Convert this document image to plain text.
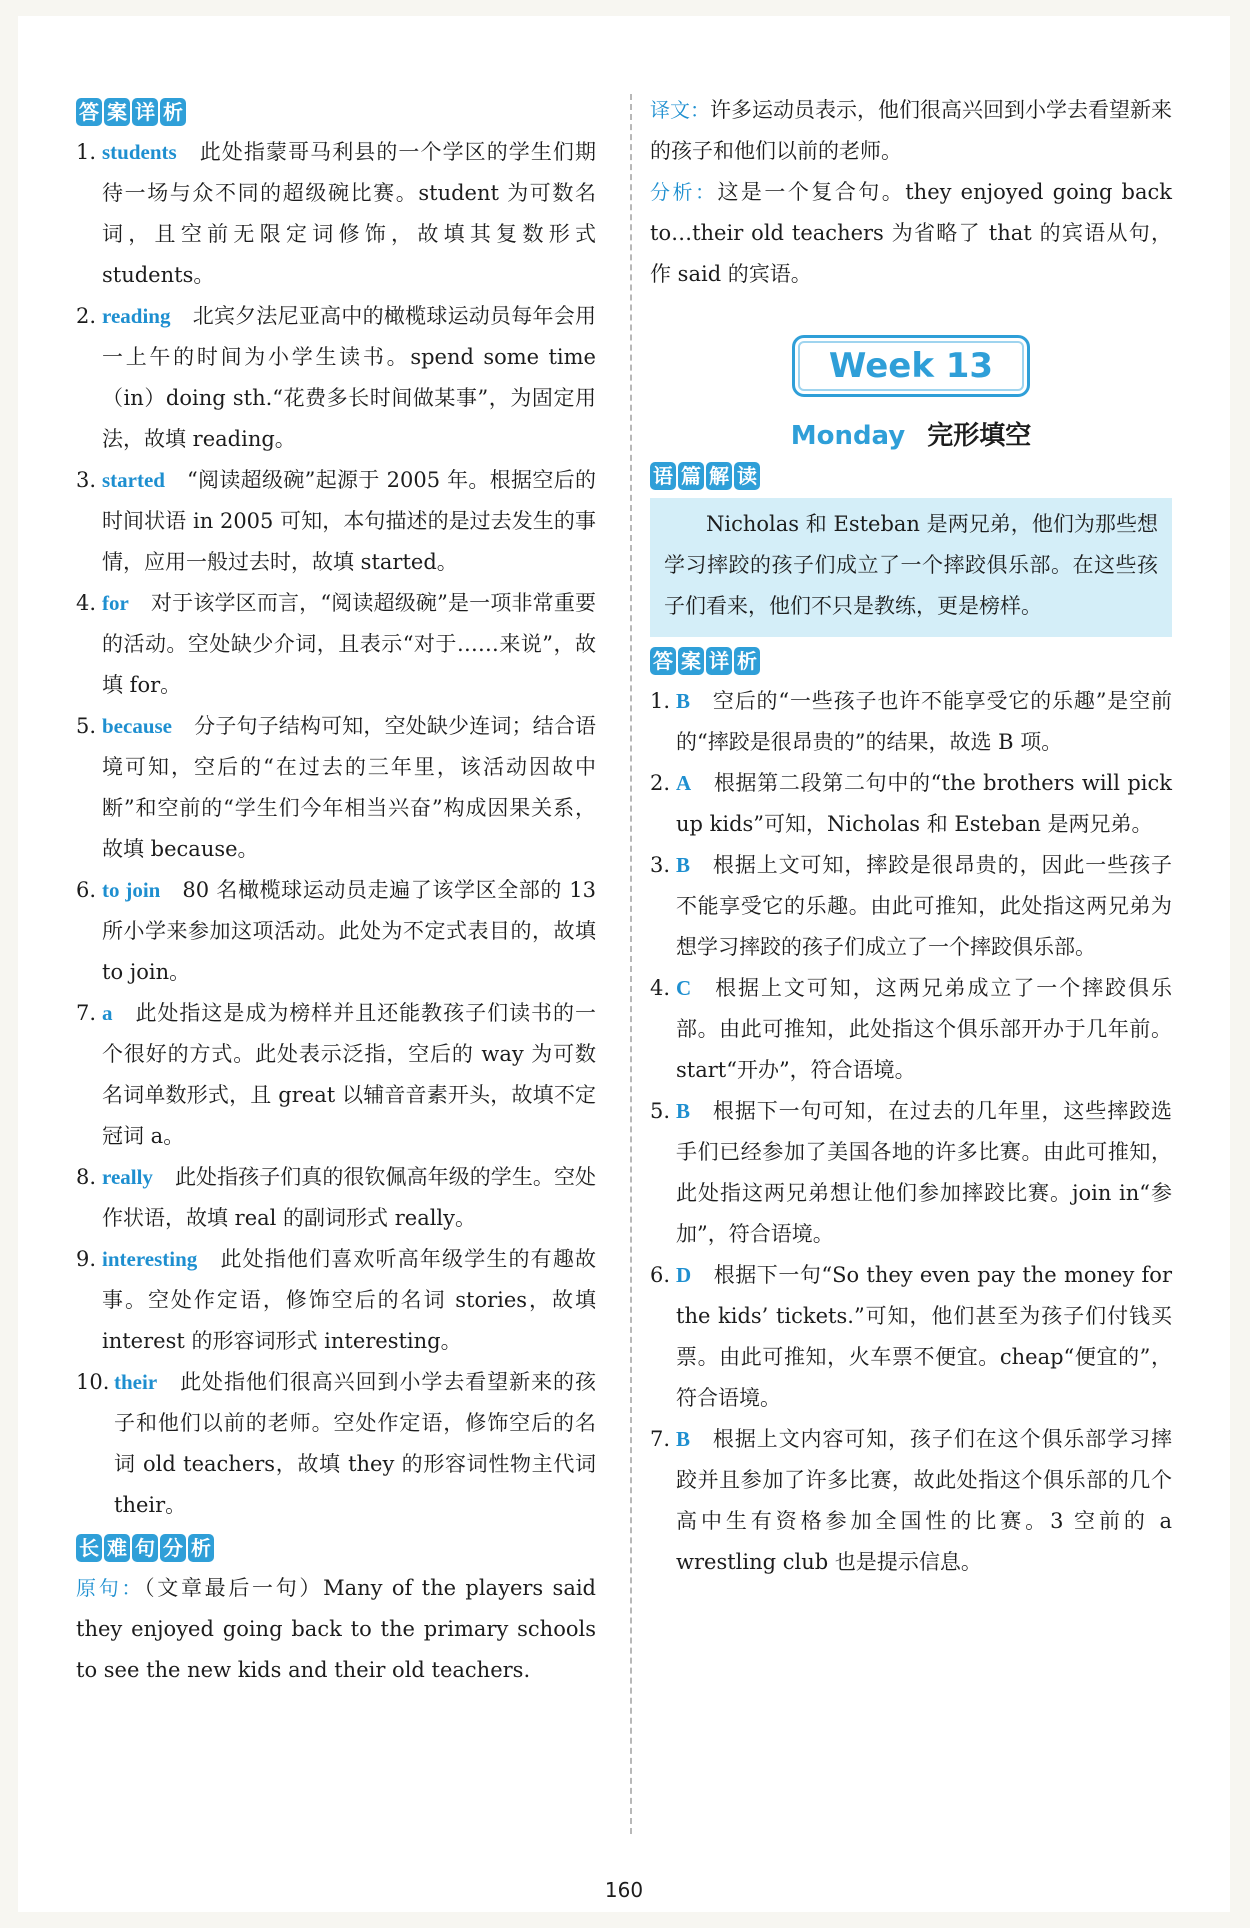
答 案 详 析
1. students 此处指蒙哥马利县的一个学区的学生们期待一场与众不同的超级碗比赛。student 为可数名词，且空前无限定词修饰，故填其复数形式 students。
2. reading 北宾夕法尼亚高中的橄榄球运动员每年会用一上午的时间为小学生读书。spend some time（in）doing sth.“花费多长时间做某事”，为固定用法，故填 reading。
3. started “阅读超级碗”起源于 2005 年。根据空后的时间状语 in 2005 可知，本句描述的是过去发生的事情，应用一般过去时，故填 started。
4. for 对于该学区而言，“阅读超级碗”是一项非常重要的活动。空处缺少介词，且表示“对于……来说”，故填 for。
5. because 分子句子结构可知，空处缺少连词；结合语境可知，空后的“在过去的三年里，该活动因故中断”和空前的“学生们今年相当兴奋”构成因果关系，故填 because。
6. to join 80 名橄榄球运动员走遍了该学区全部的 13 所小学来参加这项活动。此处为不定式表目的，故填 to join。
7. a 此处指这是成为榜样并且还能教孩子们读书的一个很好的方式。此处表示泛指，空后的 way 为可数名词单数形式，且 great 以辅音音素开头，故填不定冠词 a。
8. really 此处指孩子们真的很钦佩高年级的学生。空处作状语，故填 real 的副词形式 really。
9. interesting 此处指他们喜欢听高年级学生的有趣故事。空处作定语，修饰空后的名词 stories，故填 interest 的形容词形式 interesting。
10. their 此处指他们很高兴回到小学去看望新来的孩子和他们以前的老师。空处作定语，修饰空后的名词 old teachers，故填 they 的形容词性物主代词 their。
长 难 句 分 析
原句：（文章最后一句）Many of the players said they enjoyed going back to the primary schools to see the new kids and their old teachers.
译文：许多运动员表示，他们很高兴回到小学去看望新来的孩子和他们以前的老师。
分析：这是一个复合句。they enjoyed going back to…their old teachers 为省略了 that 的宾语从句，作 said 的宾语。
Week 13
Monday 完形填空
语 篇 解 读
Nicholas 和 Esteban 是两兄弟，他们为那些想学习摔跤的孩子们成立了一个摔跤俱乐部。在这些孩子们看来，他们不只是教练，更是榜样。
答 案 详 析
1. B 空后的“一些孩子也许不能享受它的乐趣”是空前的“摔跤是很昂贵的”的结果，故选 B 项。
2. A 根据第二段第二句中的“the brothers will pick up kids”可知，Nicholas 和 Esteban 是两兄弟。
3. B 根据上文可知，摔跤是很昂贵的，因此一些孩子不能享受它的乐趣。由此可推知，此处指这两兄弟为想学习摔跤的孩子们成立了一个摔跤俱乐部。
4. C 根据上文可知，这两兄弟成立了一个摔跤俱乐部。由此可推知，此处指这个俱乐部开办于几年前。start“开办”，符合语境。
5. B 根据下一句可知，在过去的几年里，这些摔跤选手们已经参加了美国各地的许多比赛。由此可推知，此处指这两兄弟想让他们参加摔跤比赛。join in“参加”，符合语境。
6. D 根据下一句“So they even pay the money for the kids’ tickets.”可知，他们甚至为孩子们付钱买票。由此可推知，火车票不便宜。cheap“便宜的”，符合语境。
7. B 根据上文内容可知，孩子们在这个俱乐部学习摔跤并且参加了许多比赛，故此处指这个俱乐部的几个高中生有资格参加全国性的比赛。3 空前的 a wrestling club 也是提示信息。
160
